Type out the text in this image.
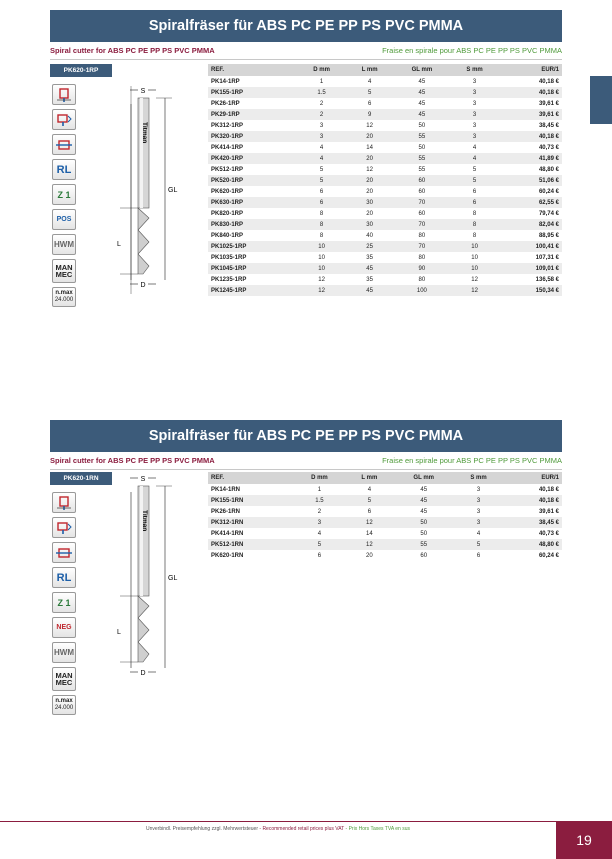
Spiralfräser für ABS PC PE PP PS PVC PMMA
Spiral cutter for ABS PC PE PP PS PVC PMMA	Fraise en spirale pour ABS PC PE PP PS PVC PMMA
PK620-1RP
RL
Z 1
POS
HWM
MAN
MEC
n.max
24.000
S
Titman
GL
L
D
REF.	D mm	L mm	GL mm	S mm	EUR/1
PK14-1RP	1	4	45	3	40,18 €
PK155-1RP	1.5	5	45	3	40,18 €
PK26-1RP	2	6	45	3	39,61 €
PK29-1RP	2	9	45	3	39,61 €
PK312-1RP	3	12	50	3	38,45 €
PK320-1RP	3	20	55	3	40,18 €
PK414-1RP	4	14	50	4	40,73 €
PK420-1RP	4	20	55	4	41,89 €
PK512-1RP	5	12	55	5	48,80 €
PK520-1RP	5	20	60	5	51,06 €
PK620-1RP	6	20	60	6	60,24 €
PK630-1RP	6	30	70	6	62,55 €
PK820-1RP	8	20	60	8	79,74 €
PK830-1RP	8	30	70	8	82,04 €
PK840-1RP	8	40	80	8	88,95 €
PK1025-1RP	10	25	70	10	100,41 €
PK1035-1RP	10	35	80	10	107,31 €
PK1045-1RP	10	45	90	10	109,01 €
PK1235-1RP	12	35	80	12	136,58 €
PK1245-1RP	12	45	100	12	150,34 €
Spiralfräser für ABS PC PE PP PS PVC PMMA
Spiral cutter for ABS PC PE PP PS PVC PMMA	Fraise en spirale pour ABS PC PE PP PS PVC PMMA
PK620-1RN
RL
Z 1
NEG
HWM
MAN
MEC
n.max
24.000
S
Titman
GL
L
D
REF.	D mm	L mm	GL mm	S mm	EUR/1
PK14-1RN	1	4	45	3	40,18 €
PK155-1RN	1.5	5	45	3	40,18 €
PK26-1RN	2	6	45	3	39,61 €
PK312-1RN	3	12	50	3	38,45 €
PK414-1RN	4	14	50	4	40,73 €
PK512-1RN	5	12	55	5	48,80 €
PK620-1RN	6	20	60	6	60,24 €
Unverbindl. Preisempfehlung zzgl. Mehrwertsteuer - Recommended retail prices plus VAT - Prix Hors Taxes TVA en sus
19
